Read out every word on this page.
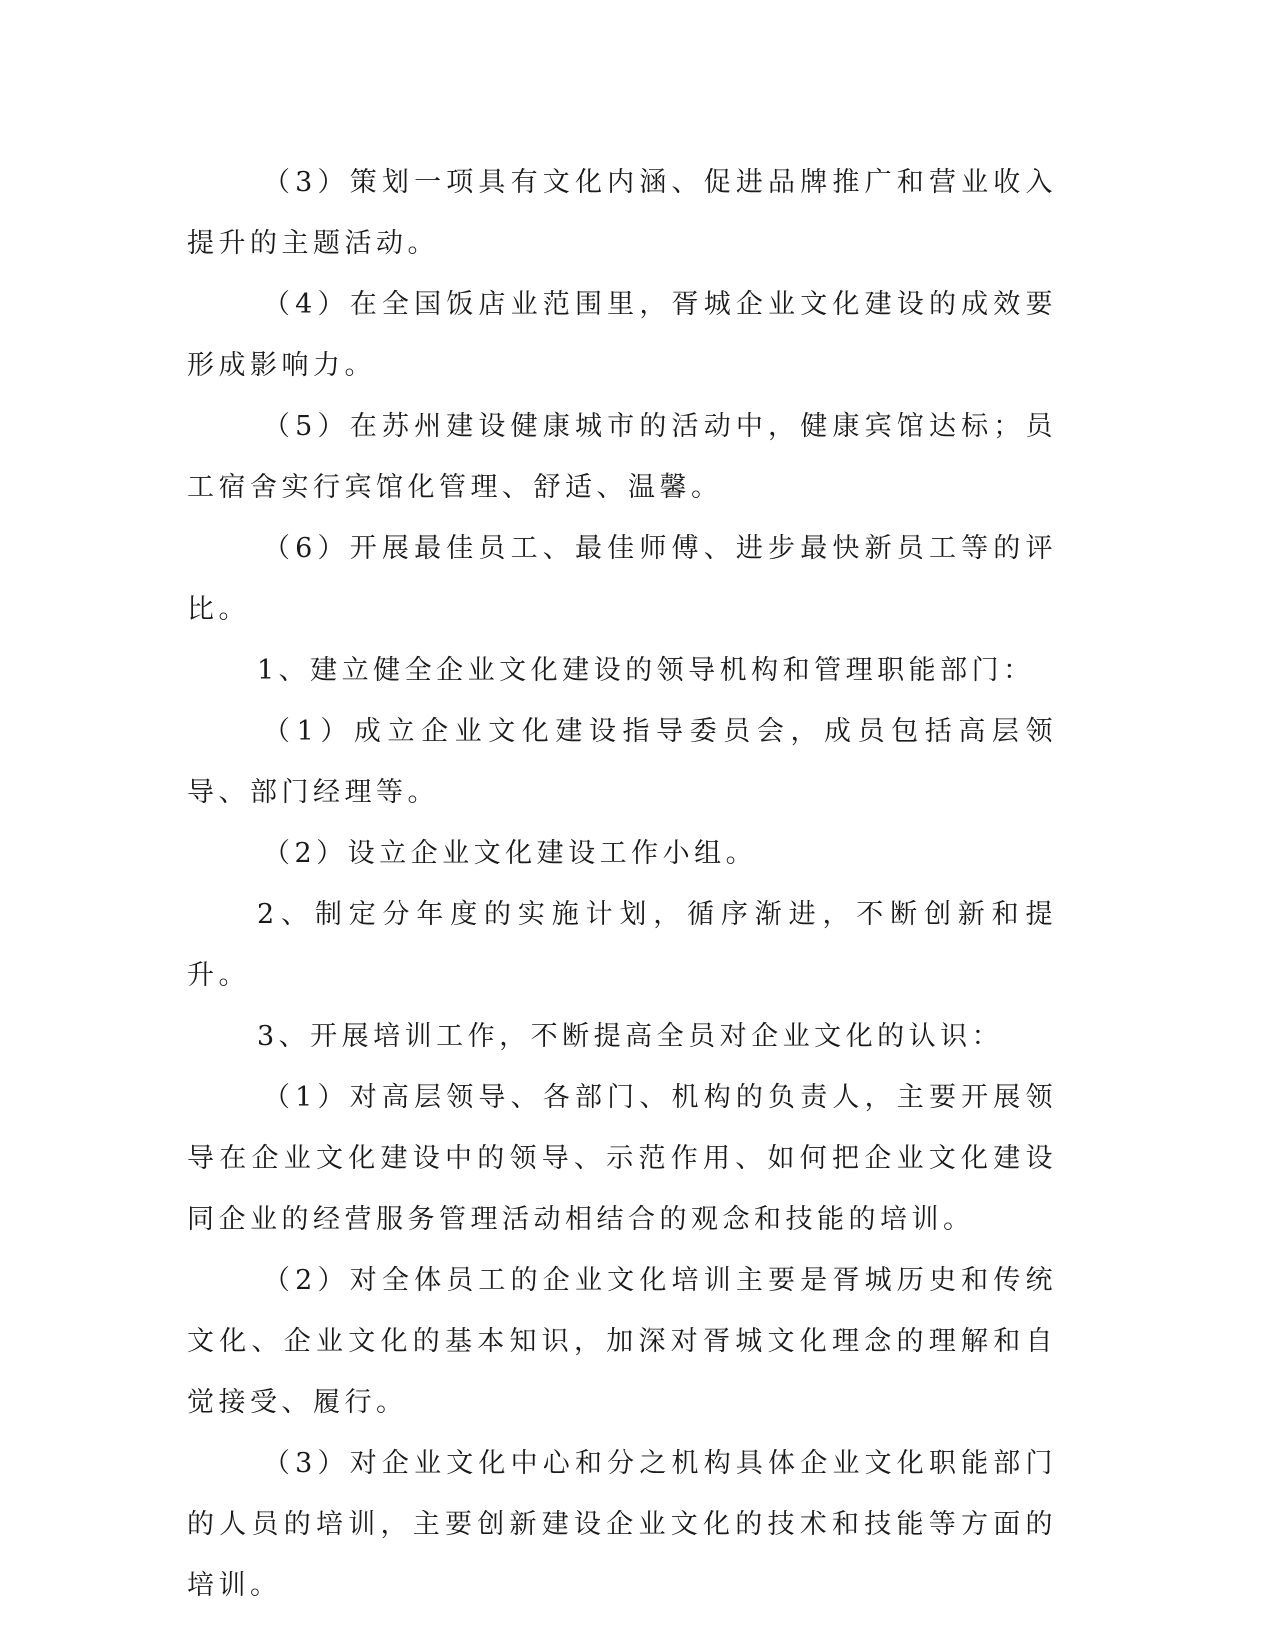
（3）策划一项具有文化内涵、促进品牌推广和营业收入提升的主题活动。

（4）在全国饭店业范围里，胥城企业文化建设的成效要形成影响力。

（5）在苏州建设健康城市的活动中，健康宾馆达标；员工宿舍实行宾馆化管理、舒适、温馨。

（6）开展最佳员工、最佳师傅、进步最快新员工等的评比。

1、建立健全企业文化建设的领导机构和管理职能部门：

（1）成立企业文化建设指导委员会，成员包括高层领导、部门经理等。

（2）设立企业文化建设工作小组。

2、制定分年度的实施计划，循序渐进，不断创新和提升。

3、开展培训工作，不断提高全员对企业文化的认识：

（1）对高层领导、各部门、机构的负责人，主要开展领导在企业文化建设中的领导、示范作用、如何把企业文化建设同企业的经营服务管理活动相结合的观念和技能的培训。

（2）对全体员工的企业文化培训主要是胥城历史和传统文化、企业文化的基本知识，加深对胥城文化理念的理解和自觉接受、履行。

（3）对企业文化中心和分之机构具体企业文化职能部门的人员的培训，主要创新建设企业文化的技术和技能等方面的培训。
